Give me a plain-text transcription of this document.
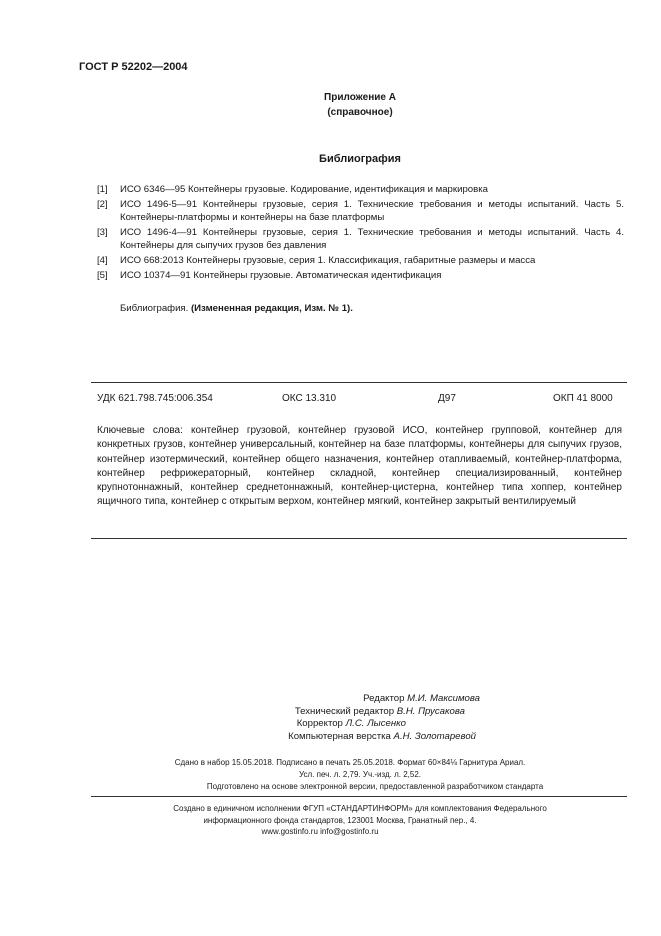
ГОСТ Р 52202—2004
Приложение А
(справочное)
Библиография
[1]	ИСО 6346—95 Контейнеры грузовые. Кодирование, идентификация и маркировка
[2]	ИСО 1496-5—91 Контейнеры грузовые, серия 1. Технические требования и методы испытаний. Часть 5. Контейнеры-платформы и контейнеры на базе платформы
[3]	ИСО 1496-4—91 Контейнеры грузовые, серия 1. Технические требования и методы испытаний. Часть 4. Контейнеры для сыпучих грузов без давления
[4]	ИСО 668:2013 Контейнеры грузовые, серия 1. Классификация, габаритные размеры и масса
[5]	ИСО 10374—91 Контейнеры грузовые. Автоматическая идентификация
Библиография. (Измененная редакция, Изм. № 1).
УДК 621.798.745:006.354	ОКС 13.310	Д97	ОКП 41 8000
Ключевые слова: контейнер грузовой, контейнер грузовой ИСО, контейнер групповой, контейнер для конкретных грузов, контейнер универсальный, контейнер на базе платформы, контейнеры для сыпучих грузов, контейнер изотермический, контейнер общего назначения, контейнер отапливаемый, контейнер-платформа, контейнер рефрижераторный, контейнер складной, контейнер специализированный, контейнер крупнотоннажный, контейнер среднетоннажный, контейнер-цистерна, контейнер типа хоппер, контейнер ящичного типа, контейнер с открытым верхом, контейнер мягкий, контейнер закрытый вентилируемый
Редактор М.И. Максимова
Технический редактор В.Н. Прусакова
Корректор Л.С. Лысенко
Компьютерная верстка А.Н. Золотаревой
Сдано в набор 15.05.2018. Подписано в печать 25.05.2018. Формат 60×84⅛ Гарнитура Ариал.
Усл. печ. л. 2,79. Уч.-изд. л. 2,52.
Подготовлено на основе электронной версии, предоставленной разработчиком стандарта
Создано в единичном исполнении ФГУП «СТАНДАРТИНФОРМ» для комплектования Федерального
информационного фонда стандартов, 123001 Москва, Гранатный пер., 4.
www.gostinfo.ru info@gostinfo.ru
